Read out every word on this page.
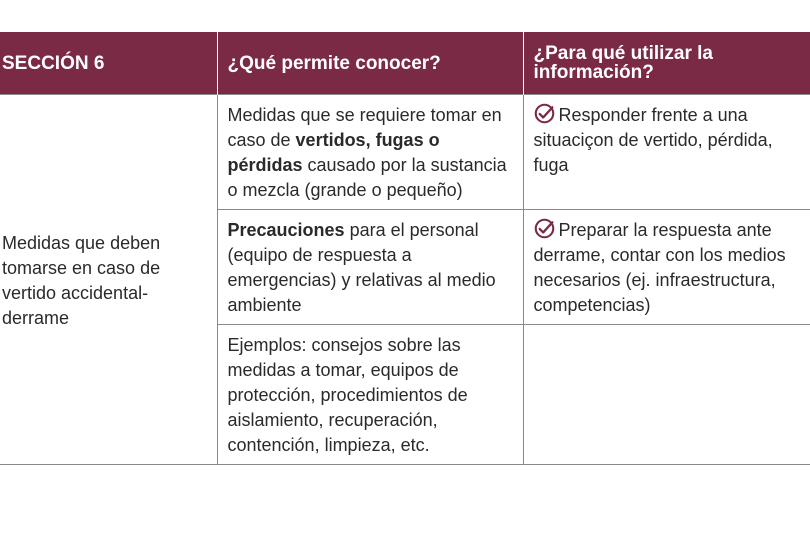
SECCIÓN 6	¿Qué permite conocer?	¿Para qué utilizar la información?
Medidas que deben tomarse en caso de vertido accidental-derrame	Medidas que se requiere tomar en caso de vertidos, fugas o pérdidas causado por la sustancia o mezcla (grande o pequeño)	Responder frente a una situaciçon de vertido, pérdida, fuga
	Precauciones para el personal (equipo de respuesta a emergencias) y relativas al medio ambiente	Preparar la respuesta ante derrame, contar con los medios necesarios (ej. infraestructura, competencias)
	Ejemplos: consejos sobre las medidas a tomar, equipos de protección, procedimientos de aislamiento, recuperación, contención, limpieza, etc.	
